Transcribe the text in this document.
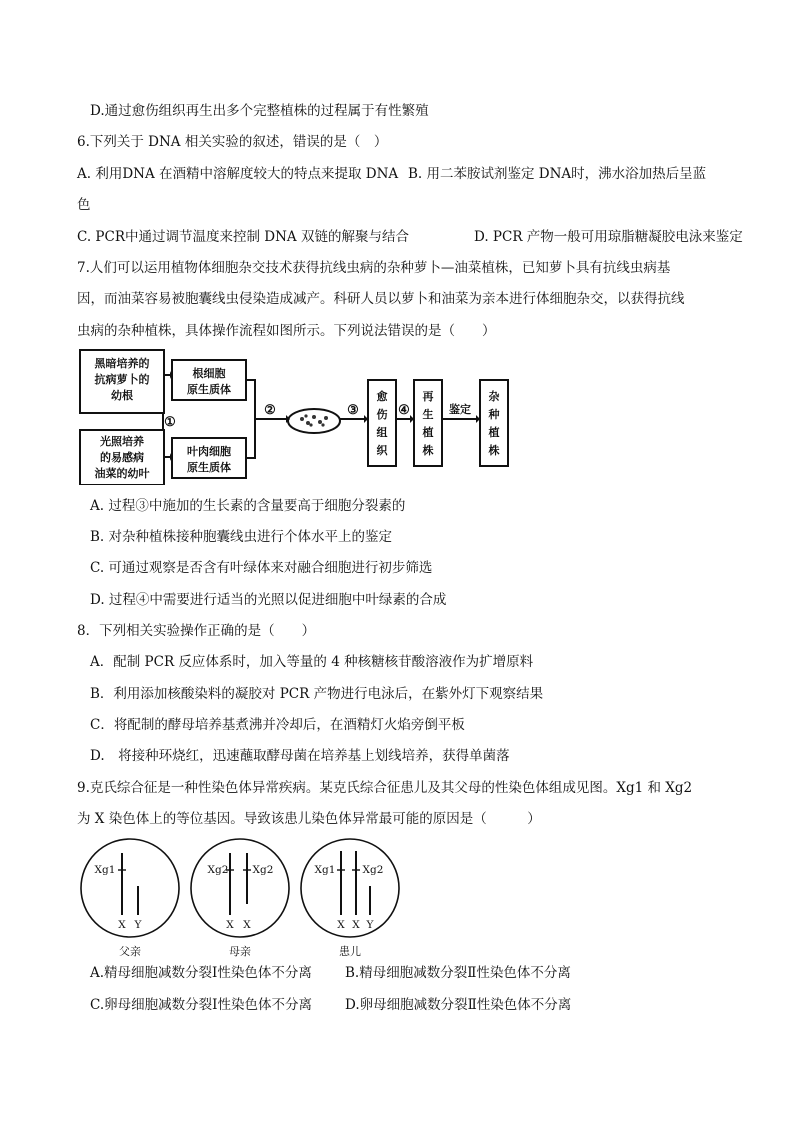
D.通过愈伤组织再生出多个完整植株的过程属于有性繁殖
6.下列关于 DNA 相关实验的叙述，错误的是（　）
A. 利用DNA 在酒精中溶解度较大的特点来提取 DNA B. 用二苯胺试剂鉴定 DNA时，沸水浴加热后呈蓝
色
C. PCR中通过调节温度来控制 DNA 双链的解聚与结合	D. PCR 产物一般可用琼脂糖凝胶电泳来鉴定
7.人们可以运用植物体细胞杂交技术获得抗线虫病的杂种萝卜—油菜植株，已知萝卜具有抗线虫病基
因，而油菜容易被胞囊线虫侵染造成减产。科研人员以萝卜和油菜为亲本进行体细胞杂交，以获得抗线
虫病的杂种植株，具体操作流程如图所示。下列说法错误的是（　　）
黑暗培养的
抗病萝卜的
幼根
光照培养
的易感病
油菜的幼叶
根细胞
原生质体
叶肉细胞
原生质体
①
②	③	④	鉴定
愈
伤
组
织
再
生
植
株
杂
种
植
株
A. 过程③中施加的生长素的含量要高于细胞分裂素的
B. 对杂种植株接种胞囊线虫进行个体水平上的鉴定
C. 可通过观察是否含有叶绿体来对融合细胞进行初步筛选
D. 过程④中需要进行适当的光照以促进细胞中叶绿素的合成
8．下列相关实验操作正确的是（　　）
A．配制 PCR 反应体系时，加入等量的 4 种核糖核苷酸溶液作为扩增原料
B．利用添加核酸染料的凝胶对 PCR 产物进行电泳后，在紫外灯下观察结果
C．将配制的酵母培养基煮沸并冷却后，在酒精灯火焰旁倒平板
D.　将接种环烧红，迅速蘸取酵母菌在培养基上划线培养，获得单菌落
9.克氏综合征是一种性染色体异常疾病。某克氏综合征患儿及其父母的性染色体组成见图。Xg1 和 Xg2
为 X 染色体上的等位基因。导致该患儿染色体异常最可能的原因是（　　　）
Xg1	Xg2 Xg2	Xg1	Xg2
X Y	X X	X X Y
父亲	母亲	患儿
A.精母细胞减数分裂Ⅰ性染色体不分离 B.精母细胞减数分裂Ⅱ性染色体不分离
C.卵母细胞减数分裂Ⅰ性染色体不分离 D.卵母细胞减数分裂Ⅱ性染色体不分离
